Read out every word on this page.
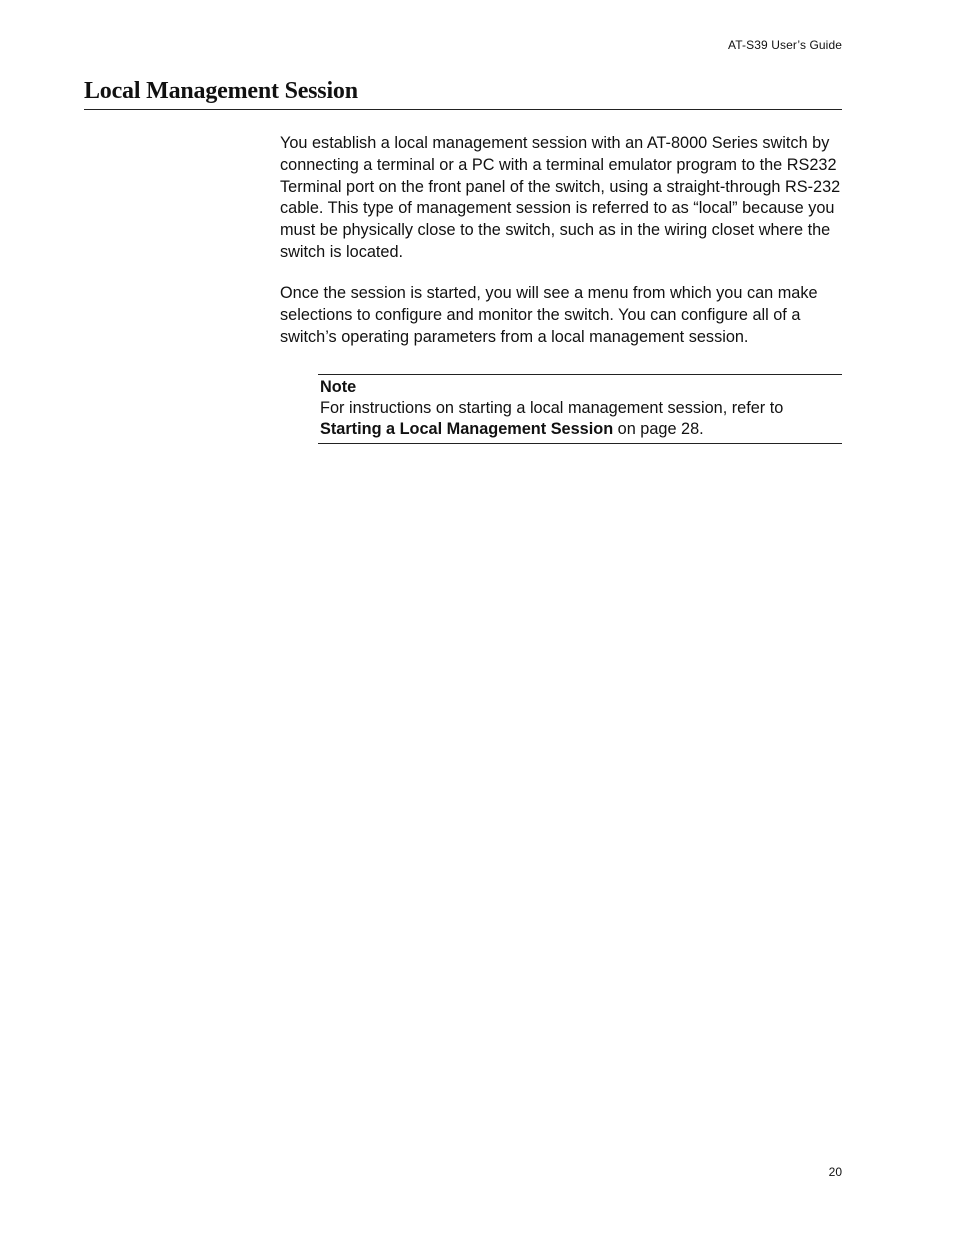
AT-S39 User’s Guide
Local Management Session

You establish a local management session with an AT-8000 Series switch by connecting a terminal or a PC with a terminal emulator program to the RS232 Terminal port on the front panel of the switch, using a straight-through RS-232 cable. This type of management session is referred to as “local” because you must be physically close to the switch, such as in the wiring closet where the switch is located.

Once the session is started, you will see a menu from which you can make selections to configure and monitor the switch. You can configure all of a switch’s operating parameters from a local management session.

Note
For instructions on starting a local management session, refer to Starting a Local Management Session on page 28.
20
